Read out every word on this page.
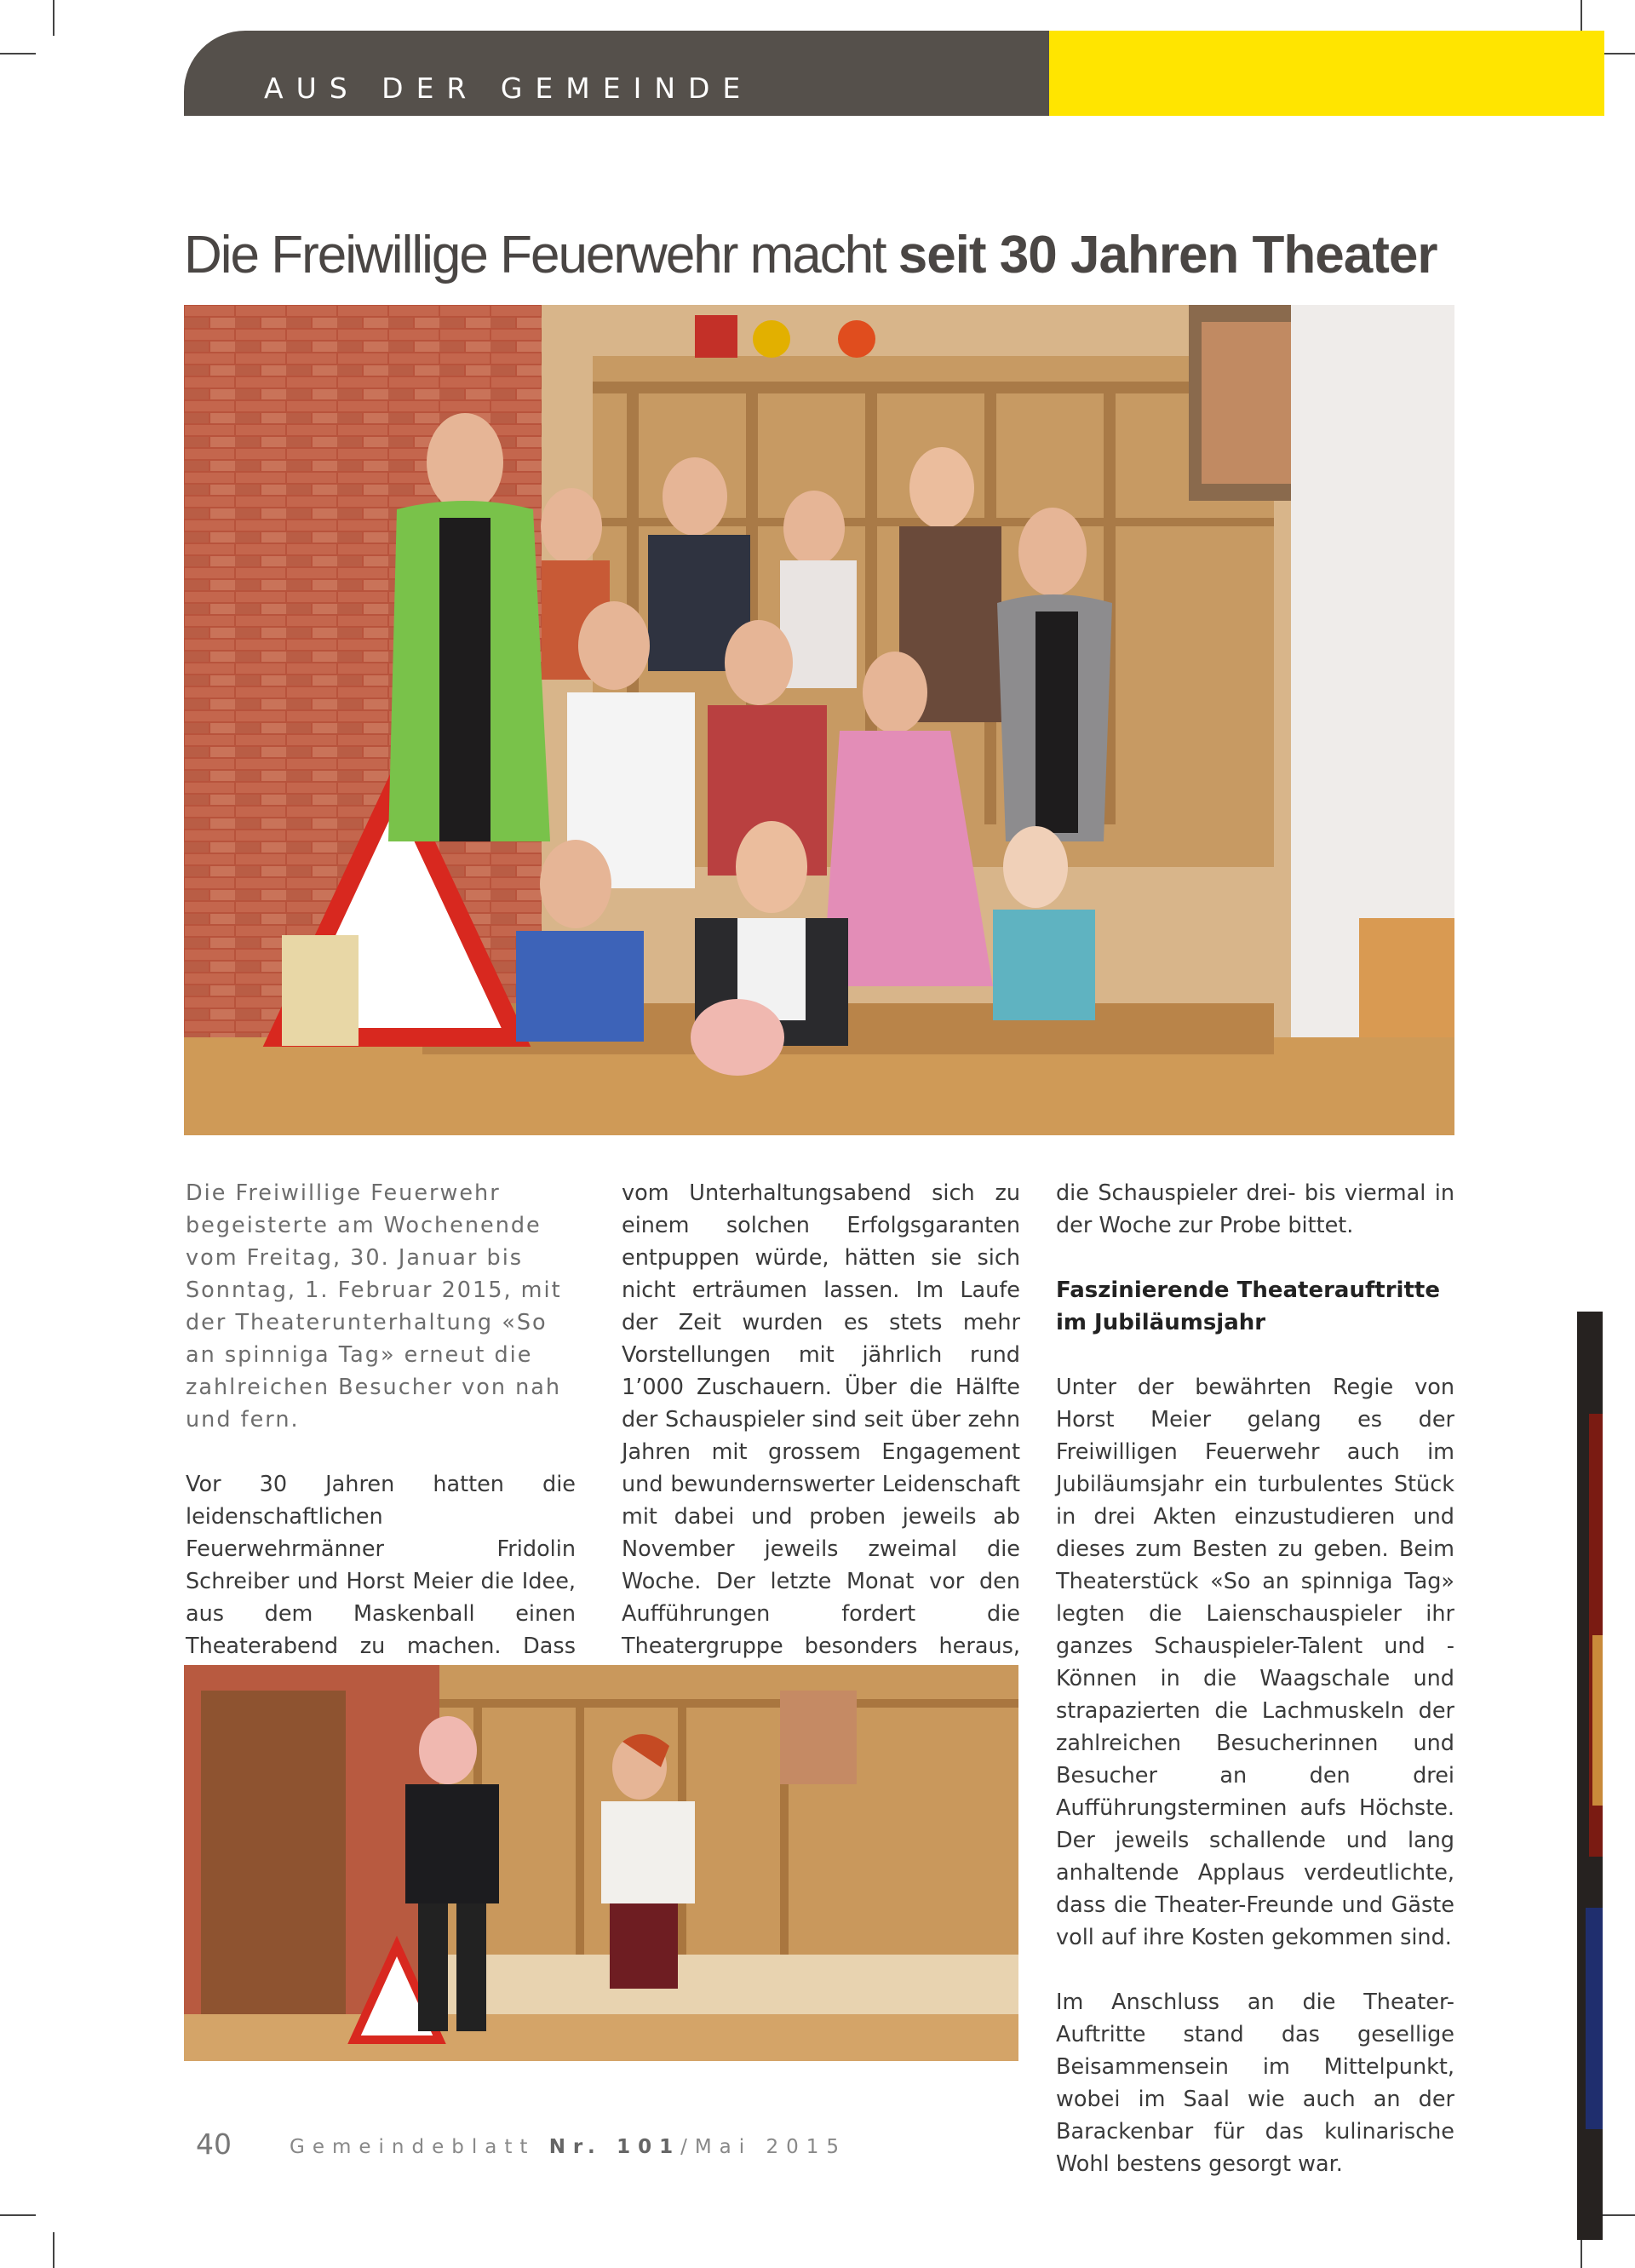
AUS DER GEMEINDE
Die Freiwillige Feuerwehr macht seit 30 Jahren Theater

Die Freiwillige Feuerwehr begeisterte am Wochenende vom Freitag, 30. Januar bis Sonntag, 1. Februar 2015, mit der Theaterunterhaltung «So an spinniga Tag» erneut die zahlreichen Besucher von nah und fern.

Vor 30 Jahren hatten die leidenschaftlichen Feuerwehrmänner Fridolin Schreiber und Horst Meier die Idee, aus dem Maskenball einen Theaterabend zu machen. Dass

vom Unterhaltungsabend sich zu einem solchen Erfolgsgaranten entpuppen würde, hätten sie sich nicht erträumen lassen. Im Laufe der Zeit wurden es stets mehr Vorstellungen mit jährlich rund 1’000 Zuschauern. Über die Hälfte der Schauspieler sind seit über zehn Jahren mit grossem Engagement und bewundernswerter Leidenschaft mit dabei und proben jeweils ab November jeweils zweimal die Woche. Der letzte Monat vor den Aufführungen fordert die Theatergruppe besonders heraus,

die Schauspieler drei- bis viermal in der Woche zur Probe bittet.

Faszinierende Theaterauftritte im Jubiläumsjahr

Unter der bewährten Regie von Horst Meier gelang es der Freiwilligen Feuerwehr auch im Jubiläumsjahr ein turbulentes Stück in drei Akten einzustudieren und dieses zum Besten zu geben. Beim Theaterstück «So an spinniga Tag» legten die Laienschauspieler ihr ganzes Schauspieler-Talent und -Können in die Waagschale und strapazierten die Lachmuskeln der zahlreichen Besucherinnen und Besucher an den drei Aufführungsterminen aufs Höchste. Der jeweils schallende und lang anhaltende Applaus verdeutlichte, dass die Theater-Freunde und Gäste voll auf ihre Kosten gekommen sind.

Im Anschluss an die Theater-Auftritte stand das gesellige Beisammensein im Mittelpunkt, wobei im Saal wie auch an der Barackenbar für das kulinarische Wohl bestens gesorgt war.

40	Gemeindeblatt Nr. 101/Mai 2015
